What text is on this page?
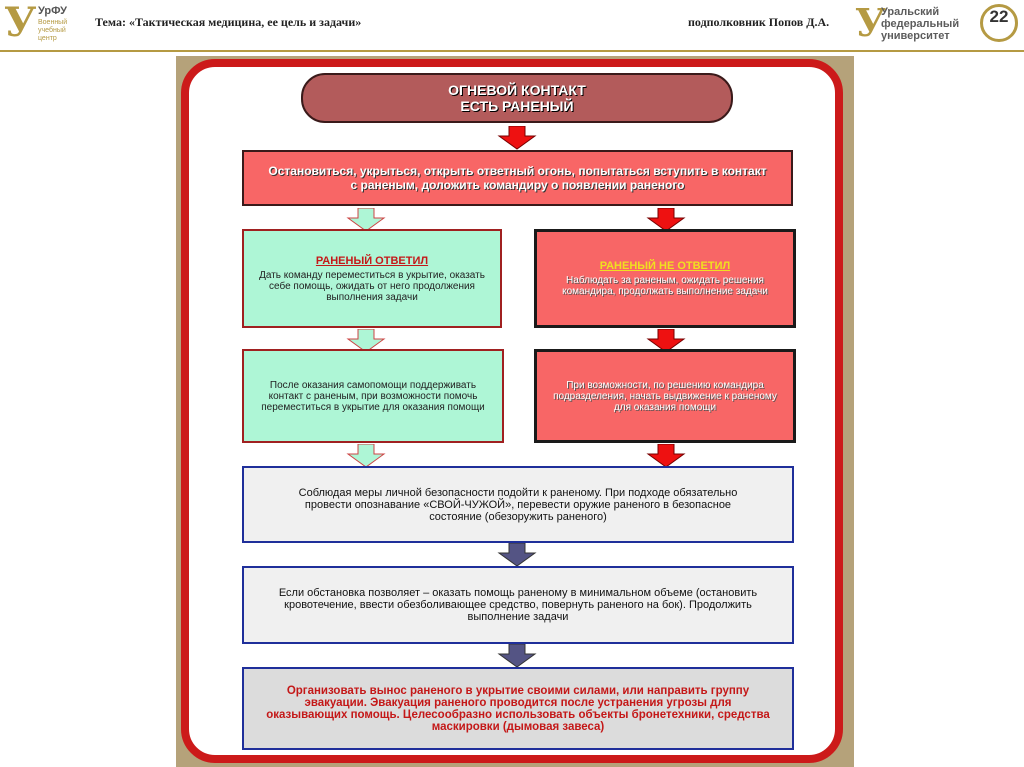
У УрФУ
Военный учебный центр
Тема: «Тактическая медицина, ее цель и задачи»	подполковник Попов Д.А. У
Уральский
федеральный
университет
22
ОГНЕВОЙ КОНТАКТ
ЕСТЬ РАНЕНЫЙ
Остановиться, укрыться, открыть ответный огонь, попытаться вступить в контакт с раненым, доложить командиру о появлении раненого
РАНЕНЫЙ ОТВЕТИЛ
Дать команду переместиться в укрытие, оказать себе помощь, ожидать от него продолжения выполнения задачи
РАНЕНЫЙ НЕ ОТВЕТИЛ
Наблюдать за раненым, ожидать решения командира, продолжать выполнение задачи
После оказания самопомощи поддерживать контакт с раненым, при возможности помочь переместиться в укрытие для оказания помощи
При возможности, по решению командира подразделения, начать выдвижение к раненому для оказания помощи
Соблюдая меры личной безопасности подойти к раненому. При подходе обязательно провести опознавание «СВОЙ-ЧУЖОЙ», перевести оружие раненого в безопасное состояние (обезоружить раненого)
Если обстановка позволяет – оказать помощь раненому в минимальном объеме (остановить кровотечение, ввести обезболивающее средство, повернуть раненого на бок). Продолжить выполнение задачи
Организовать вынос раненого в укрытие своими силами, или направить группу эвакуации. Эвакуация раненого проводится после устранения угрозы для оказывающих помощь. Целесообразно использовать объекты бронетехники, средства маскировки (дымовая завеса)
